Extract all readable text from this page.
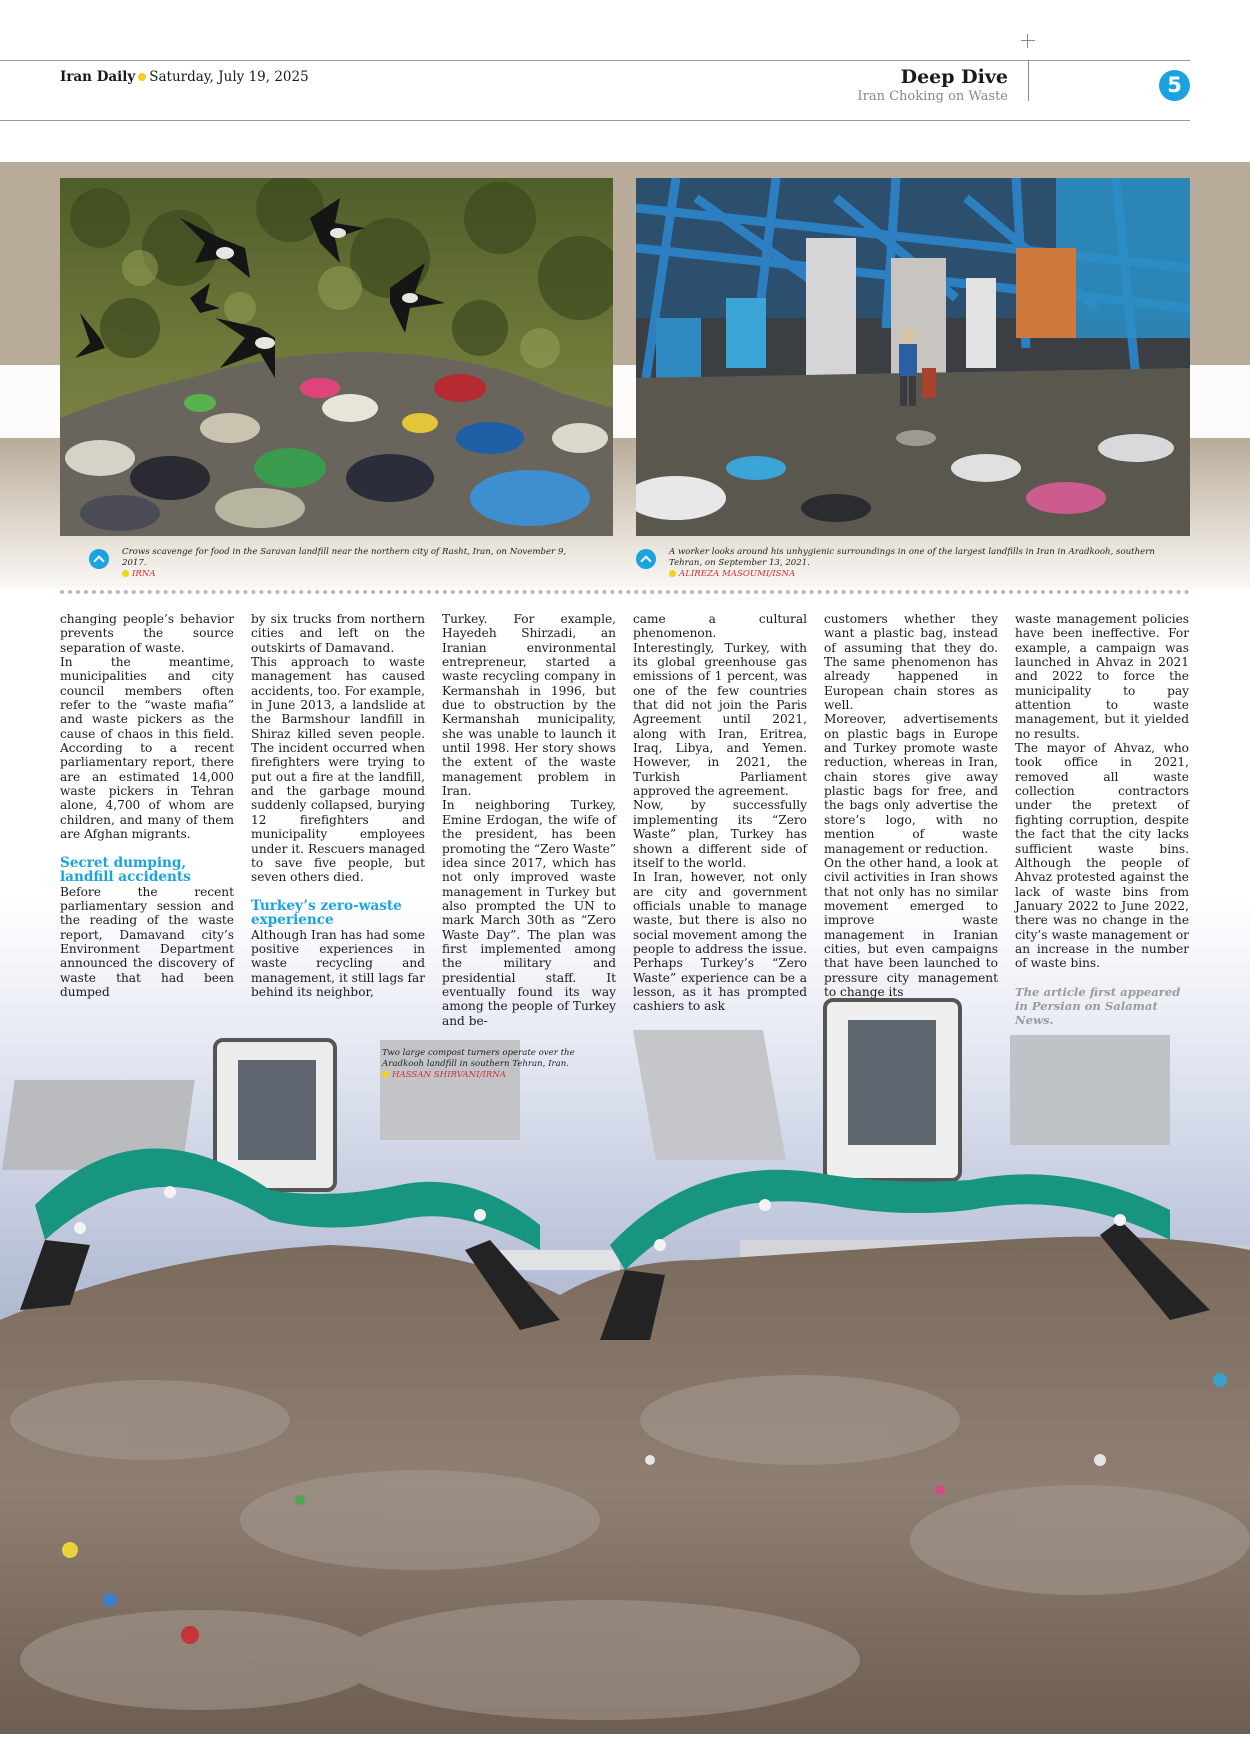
Iran Daily Saturday, July 19, 2025	Deep Dive
Iran Choking on Waste	5
Crows scavenge for food in the Saravan landfill near the northern city of Rasht, Iran, on November 9, 2017.
IRNA
A worker looks around his unhygienic surroundings in one of the largest landfills in Iran in Aradkooh, southern Tehran, on September 13, 2021.
ALIREZA MASOUMI/ISNA
Two large compost turners operate over the Aradkooh landfill in southern Tehran, Iran.
HASSAN SHIRVANI/IRNA

changing people’s behavior prevents the source separation of waste.

In the meantime, municipalities and city council members often refer to the “waste mafia” and waste pickers as the cause of chaos in this field. According to a recent parliamentary report, there are an estimated 14,000 waste pickers in Tehran alone, 4,700 of whom are children, and many of them are Afghan migrants.

Secret dumping, landfill accidents

Before the recent parliamentary session and the reading of the waste report, Damavand city’s Environment Department announced the discovery of waste that had been dumped

by six trucks from northern cities and left on the outskirts of Damavand.

This approach to waste management has caused accidents, too. For example, in June 2013, a landslide at the Barmshour landfill in Shiraz killed seven people. The incident occurred when firefighters were trying to put out a fire at the landfill, and the garbage mound suddenly collapsed, burying 12 firefighters and municipality employees under it. Rescuers managed to save five people, but seven others died.

Turkey’s zero-waste experience

Although Iran has had some positive experiences in waste recycling and management, it still lags far behind its neighbor,

Turkey. For example, Hayedeh Shirzadi, an Iranian environmental entrepreneur, started a waste recycling company in Kermanshah in 1996, but due to obstruction by the Kermanshah municipality, she was unable to launch it until 1998. Her story shows the extent of the waste management problem in Iran.

In neighboring Turkey, Emine Erdogan, the wife of the president, has been promoting the “Zero Waste” idea since 2017, which has not only improved waste management in Turkey but also prompted the UN to mark March 30th as “Zero Waste Day”. The plan was first implemented among the military and presidential staff. It eventually found its way among the people of Turkey and be-

came a cultural phenomenon.

Interestingly, Turkey, with its global greenhouse gas emissions of 1 percent, was one of the few countries that did not join the Paris Agreement until 2021, along with Iran, Eritrea, Iraq, Libya, and Yemen. However, in 2021, the Turkish Parliament approved the agreement.

Now, by successfully implementing its “Zero Waste” plan, Turkey has shown a different side of itself to the world.

In Iran, however, not only are city and government officials unable to manage waste, but there is also no social movement among the people to address the issue. Perhaps Turkey’s “Zero Waste” experience can be a lesson, as it has prompted cashiers to ask

customers whether they want a plastic bag, instead of assuming that they do. The same phenomenon has already happened in European chain stores as well.

Moreover, advertisements on plastic bags in Europe and Turkey promote waste reduction, whereas in Iran, chain stores give away plastic bags for free, and the bags only advertise the store’s logo, with no mention of waste management or reduction.

On the other hand, a look at civil activities in Iran shows that not only has no similar movement emerged to improve waste management in Iranian cities, but even campaigns that have been launched to pressure city management to change its

waste management policies have been ineffective. For example, a campaign was launched in Ahvaz in 2021 and 2022 to force the municipality to pay attention to waste management, but it yielded no results.

The mayor of Ahvaz, who took office in 2021, removed all waste collection contractors under the pretext of fighting corruption, despite the fact that the city lacks sufficient waste bins. Although the people of Ahvaz protested against the lack of waste bins from January 2022 to June 2022, there was no change in the city’s waste management or an increase in the number of waste bins.

The article first appeared in Persian on Salamat News.
